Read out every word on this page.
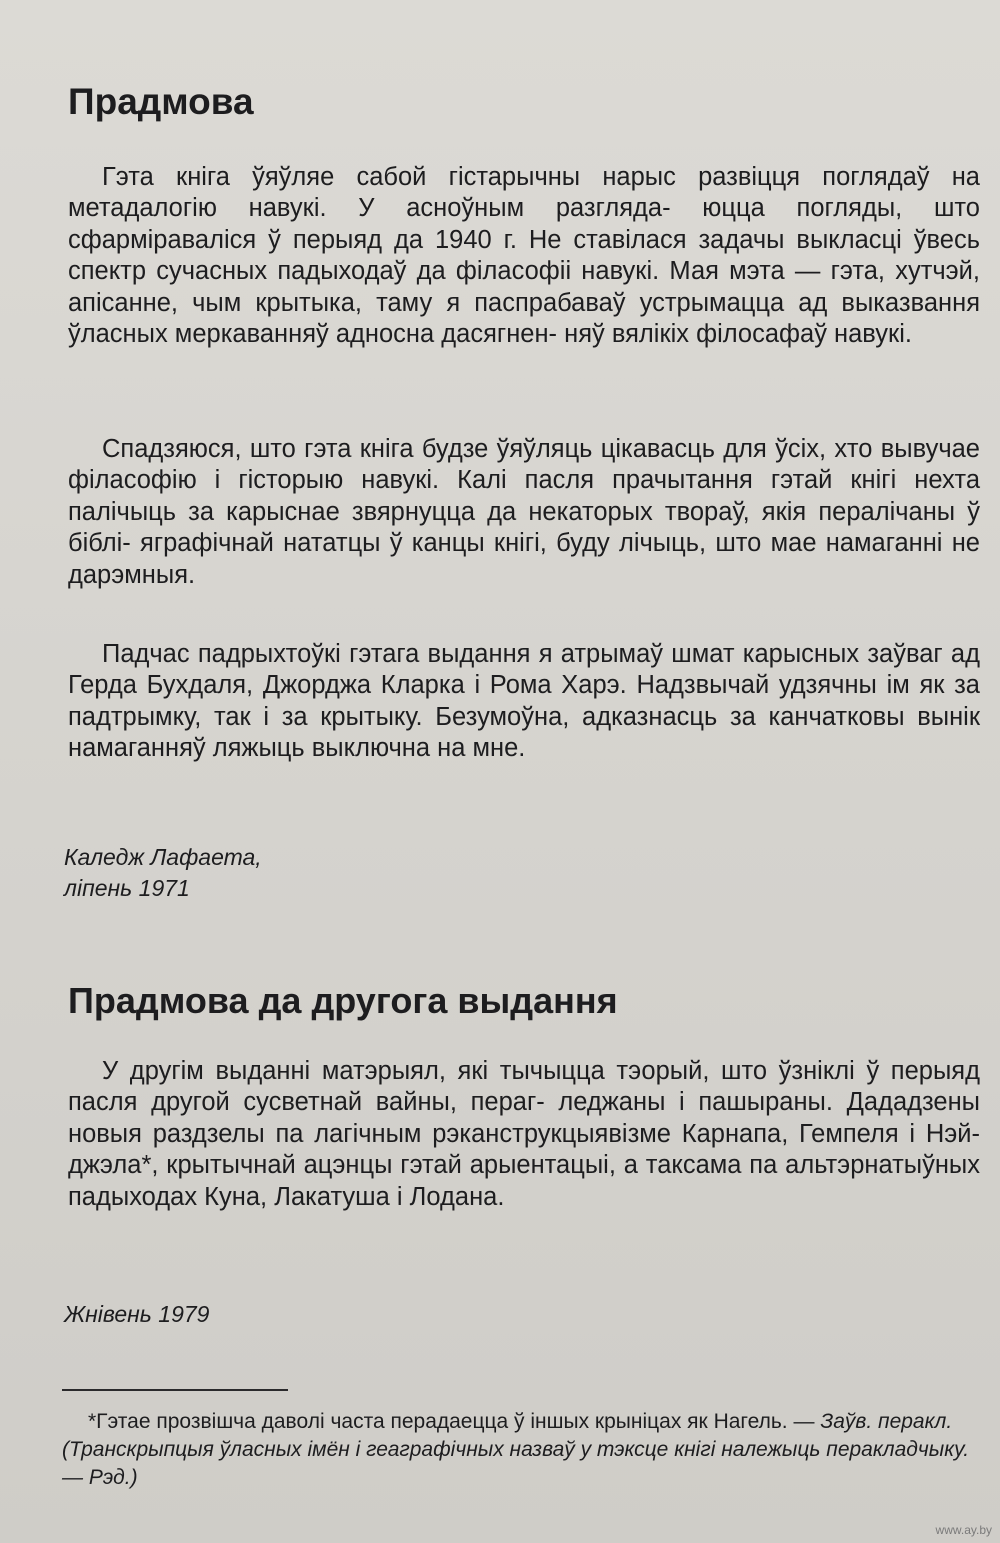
Прадмова

Гэта кніга ўяўляе сабой гістарычны нарыс развіцця поглядаў на метадалогію навукі. У асноўным разгляда- юцца погляды, што сфарміраваліся ў перыяд да 1940 г. Не ставілася задачы выкласці ўвесь спектр сучасных падыходаў да філасофіі навукі. Мая мэта — гэта, хутчэй, апісанне, чым крытыка, таму я паспрабаваў устрымацца ад выказвання ўласных меркаванняў адносна дасягнен- няў вялікіх філосафаў навукі.

Спадзяюся, што гэта кніга будзе ўяўляць цікавасць для ўсіх, хто вывучае філасофію і гісторыю навукі. Калі пасля прачытання гэтай кнігі нехта палічыць за карыснае звярнуцца да некаторых твораў, якія пералічаны ў біблі- яграфічнай нататцы ў канцы кнігі, буду лічыць, што мае намаганні не дарэмныя.

Падчас падрыхтоўкі гэтага выдання я атрымаў шмат карысных заўваг ад Герда Бухдаля, Джорджа Кларка і Рома Харэ. Надзвычай удзячны ім як за падтрымку, так і за крытыку. Безумоўна, адказнасць за канчатковы вынік намаганняў ляжыць выключна на мне.

Каледж Лафаета,

ліпень 1971

Прадмова да другога выдання

У другім выданні матэрыял, які тычыцца тэорый, што ўзніклі ў перыяд пасля другой сусветнай вайны, пераг- леджаны і пашыраны. Дададзены новыя раздзелы па лагічным рэканструкцыявізме Карнапа, Гемпеля і Нэй- джэла*, крытычнай ацэнцы гэтай арыентацыі, а таксама па альтэрнатыўных падыходах Куна, Лакатуша і Лодана.

Жнівень 1979

*Гэтае прозвішча даволі часта перадаецца ў іншых крыніцах як Нагель. — Заўв. перакл. (Транскрыпцыя ўласных імён і геаграфічных назваў у тэксце кнігі належыць перакладчыку. — Рэд.)

www.ay.by
